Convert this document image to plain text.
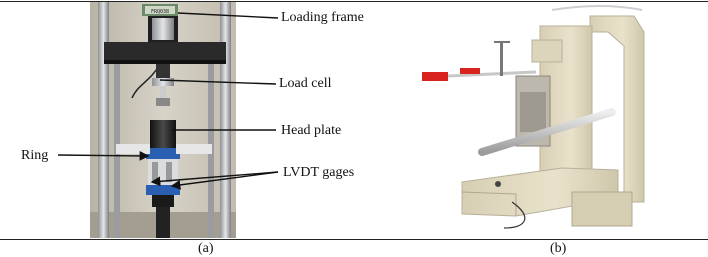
FRQ038	Loading frame
Load cell
Head plate
Ring
LVDT gages
(a)	(b)
